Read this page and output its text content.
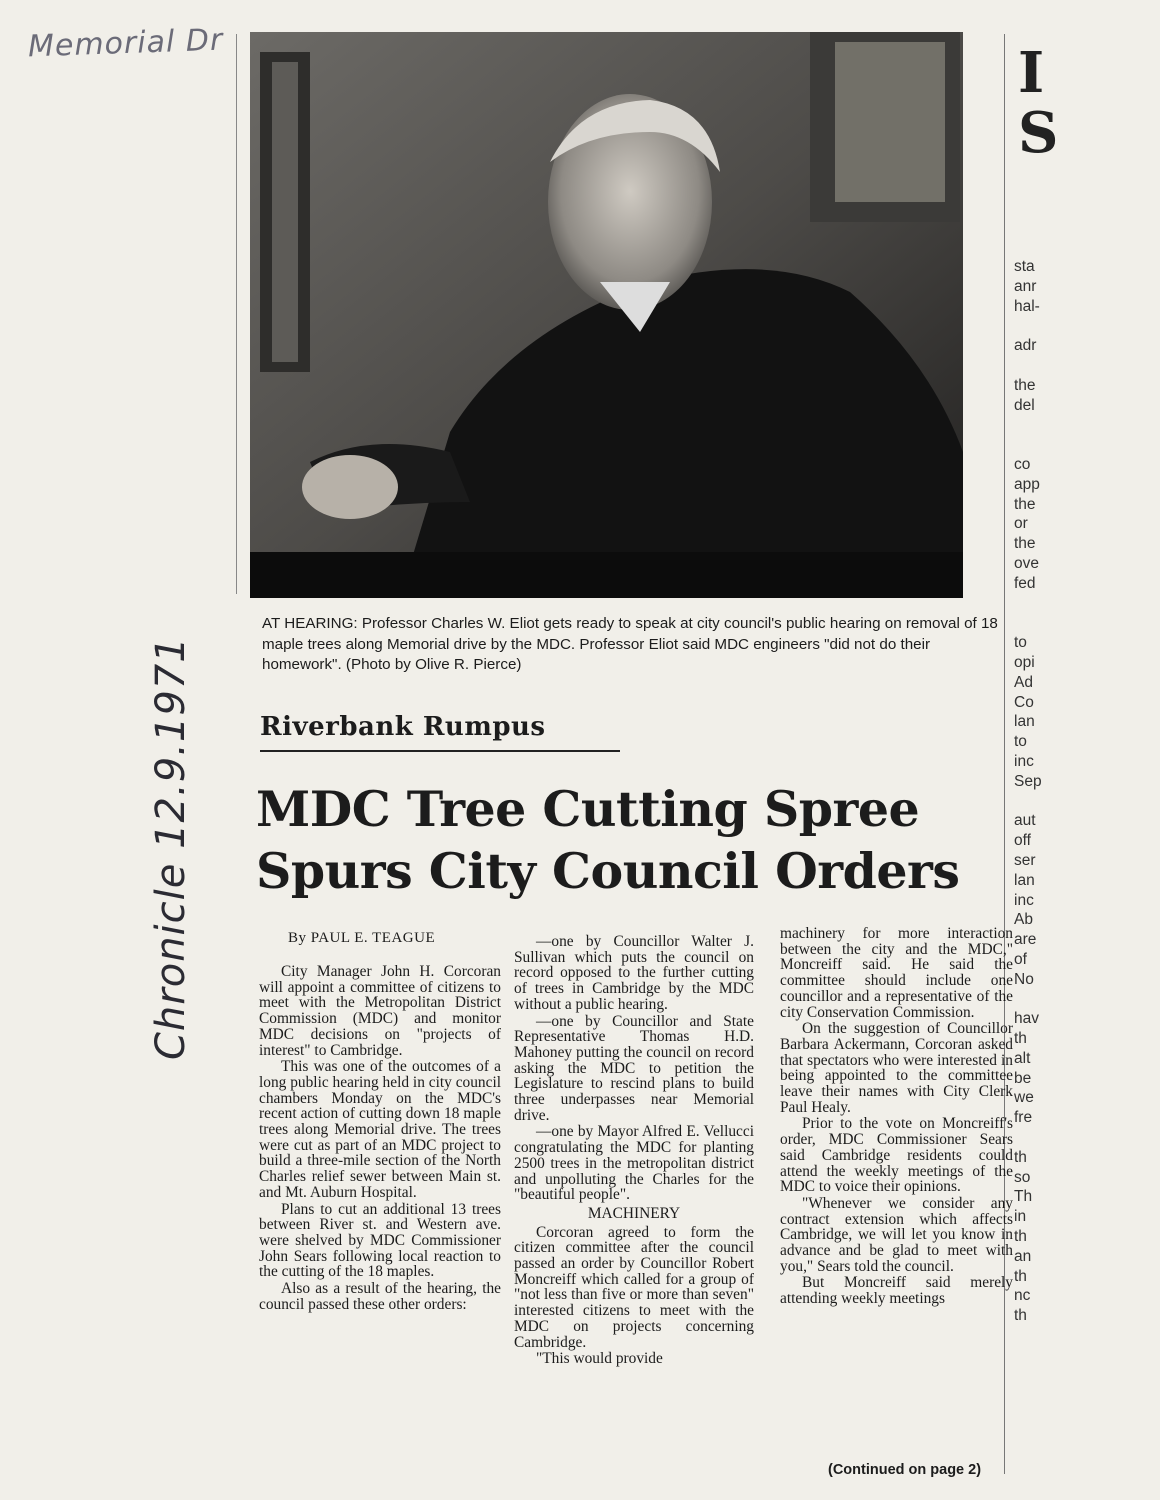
Memorial Dr
Chronicle 12.9.1971
AT HEARING: Professor Charles W. Eliot gets ready to speak at city council's public hearing on removal of 18 maple trees along Memorial drive by the MDC. Professor Eliot said MDC engineers "did not do their homework". (Photo by Olive R. Pierce)
Riverbank Rumpus
MDC Tree Cutting Spree
Spurs City Council Orders
By PAUL E. TEAGUE

City Manager John H. Corcoran will appoint a committee of citizens to meet with the Metropolitan District Commission (MDC) and monitor MDC decisions on "projects of interest" to Cambridge.

This was one of the outcomes of a long public hearing held in city council chambers Monday on the MDC's recent action of cutting down 18 maple trees along Memorial drive. The trees were cut as part of an MDC project to build a three-mile section of the North Charles relief sewer between Main st. and Mt. Auburn Hospital.

Plans to cut an additional 13 trees between River st. and Western ave. were shelved by MDC Commissioner John Sears following local reaction to the cutting of the 18 maples.

Also as a result of the hearing, the council passed these other orders:

—one by Councillor Walter J. Sullivan which puts the council on record opposed to the further cutting of trees in Cambridge by the MDC without a public hearing.

—one by Councillor and State Representative Thomas H.D. Mahoney putting the council on record asking the MDC to petition the Legislature to rescind plans to build three underpasses near Memorial drive.

—one by Mayor Alfred E. Vellucci congratulating the MDC for planting 2500 trees in the metropolitan district and unpolluting the Charles for the "beautiful people".

MACHINERY

Corcoran agreed to form the citizen committee after the council passed an order by Councillor Robert Moncreiff which called for a group of "not less than five or more than seven" interested citizens to meet with the MDC on projects concerning Cambridge.

"This would provide

machinery for more interaction between the city and the MDC," Moncreiff said. He said the committee should include one councillor and a representative of the city Conservation Commission.

On the suggestion of Councillor Barbara Ackermann, Corcoran asked that spectators who were interested in being appointed to the committee leave their names with City Clerk Paul Healy.

Prior to the vote on Moncreiff's order, MDC Commissioner Sears said Cambridge residents could attend the weekly meetings of the MDC to voice their opinions.

"Whenever we consider any contract extension which affects Cambridge, we will let you know in advance and be glad to meet with you," Sears told the council.

But Moncreiff said merely attending weekly meetings

(Continued on page 2)
I
S
sta
anr
hal-
adr
the
del
co
app
the
or
the
ove
fed
to
opi
Ad
Co
lan
to
inc
Sep
aut
off
ser
lan
inc
Ab
are
of
No
hav
th
alt
be
we
fre
th
so
Th
in
th
an
th
nc
th
